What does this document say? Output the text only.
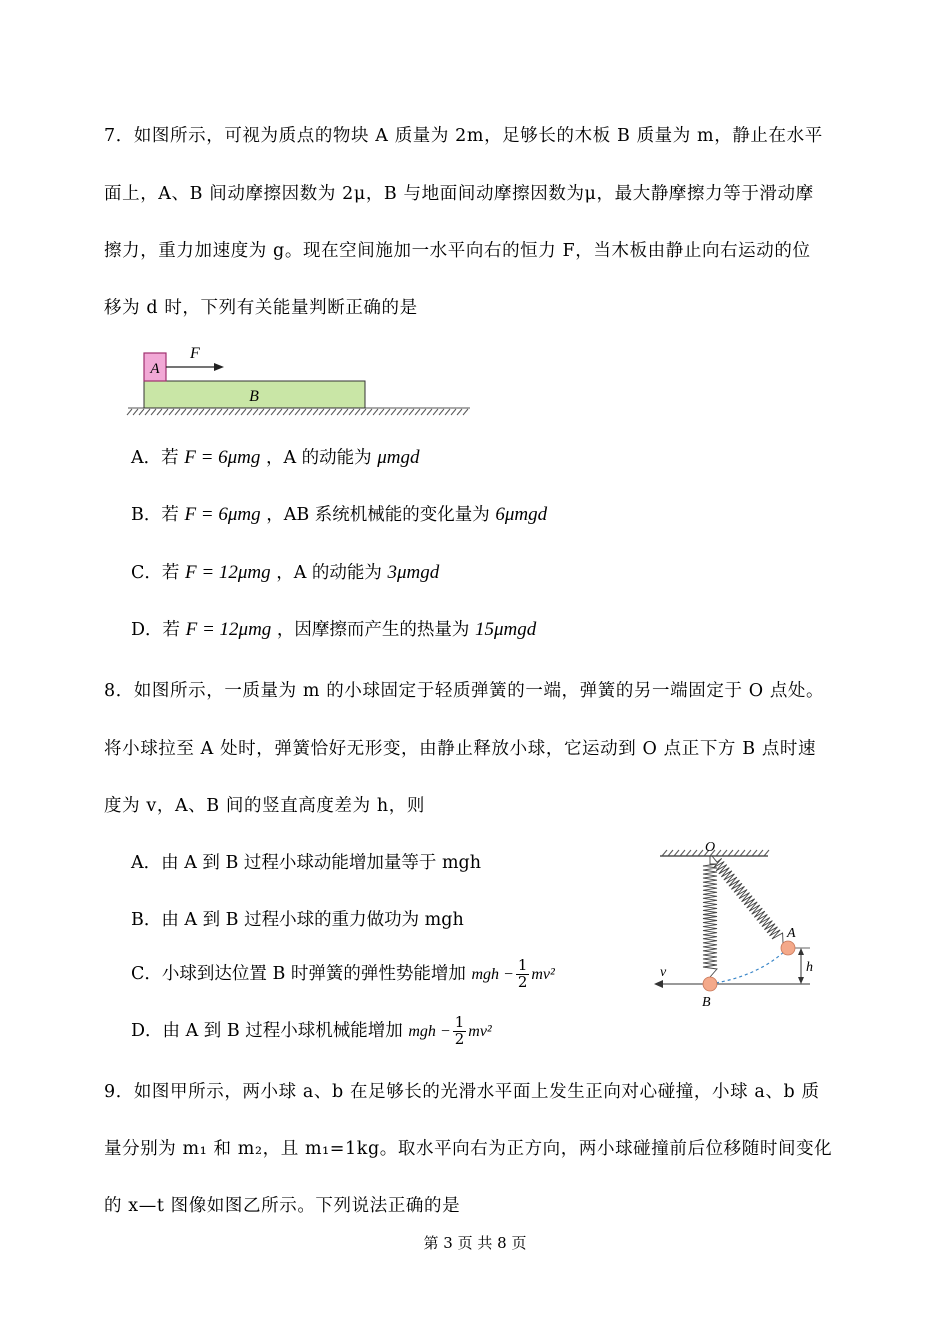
7．如图所示，可视为质点的物块 A 质量为 2m，足够长的木板 B 质量为 m，静止在水平
面上，A、B 间动摩擦因数为 2μ，B 与地面间动摩擦因数为μ，最大静摩擦力等于滑动摩
擦力，重力加速度为 g。现在空间施加一水平向右的恒力 F，当木板由静止向右运动的位
移为 d 时，下列有关能量判断正确的是
B
A
F
A．若 F = 6μmg ，A 的动能为 μmgd
B．若 F = 6μmg ，AB 系统机械能的变化量为 6μmgd
C．若 F = 12μmg ，A 的动能为 3μmgd
D．若 F = 12μmg ，因摩擦而产生的热量为 15μmgd
8．如图所示，一质量为 m 的小球固定于轻质弹簧的一端，弹簧的另一端固定于 O 点处。
将小球拉至 A 处时，弹簧恰好无形变，由静止释放小球，它运动到 O 点正下方 B 点时速
度为 v，A、B 间的竖直高度差为 h，则
A．由 A 到 B 过程小球动能增加量等于 mgh
B．由 A 到 B 过程小球的重力做功为 mgh
C．小球到达位置 B 时弹簧的弹性势能增加 mgh − $\frac{1}{2} mv^2$
D．由 A 到 B 过程小球机械能增加 mgh − $\frac{1}{2} mv^2$
O
v	h
A
B
9．如图甲所示，两小球 a、b 在足够长的光滑水平面上发生正向对心碰撞，小球 a、b 质
量分别为 m₁ 和 m₂，且 m₁=1kg。取水平向右为正方向，两小球碰撞前后位移随时间变化
的 x—t 图像如图乙所示。下列说法正确的是
第 3 页 共 8 页
